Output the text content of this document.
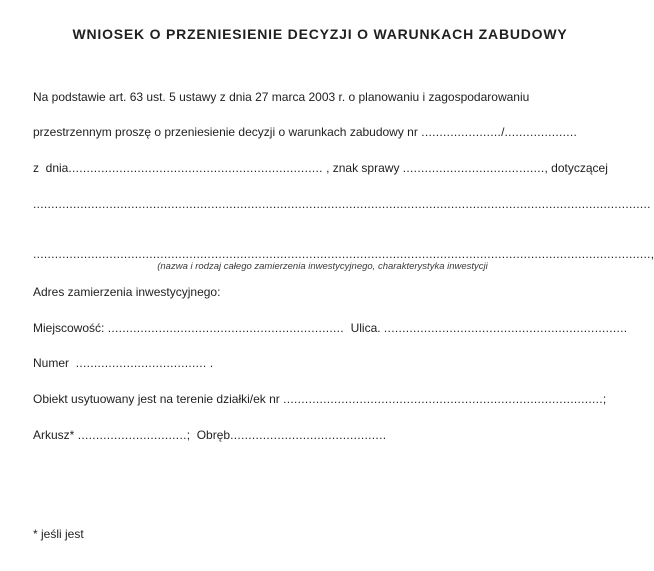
WNIOSEK O PRZENIESIENIE DECYZJI O WARUNKACH ZABUDOWY
Na podstawie art. 63 ust. 5 ustawy z dnia 27 marca 2003 r. o planowaniu i zagospodarowaniu
przestrzennym proszę o przeniesienie decyzji o warunkach zabudowy nr ....................../....................
z  dnia...................................................................... , znak sprawy ......................................., dotyczącej
..........................................................................................................................................................................
..........................................................................................................................................................................,
(nazwa i rodzaj całego zamierzenia inwestycyjnego, charakterystyka inwestycji
Adres zamierzenia inwestycyjnego:
Miejscowość: .................................................................  Ulica. ...................................................................
Numer  .................................... .
Obiekt usytuowany jest na terenie działki/ek nr ........................................................................................;
Arkusz* ..............................;  Obręb...........................................
* jeśli jest
